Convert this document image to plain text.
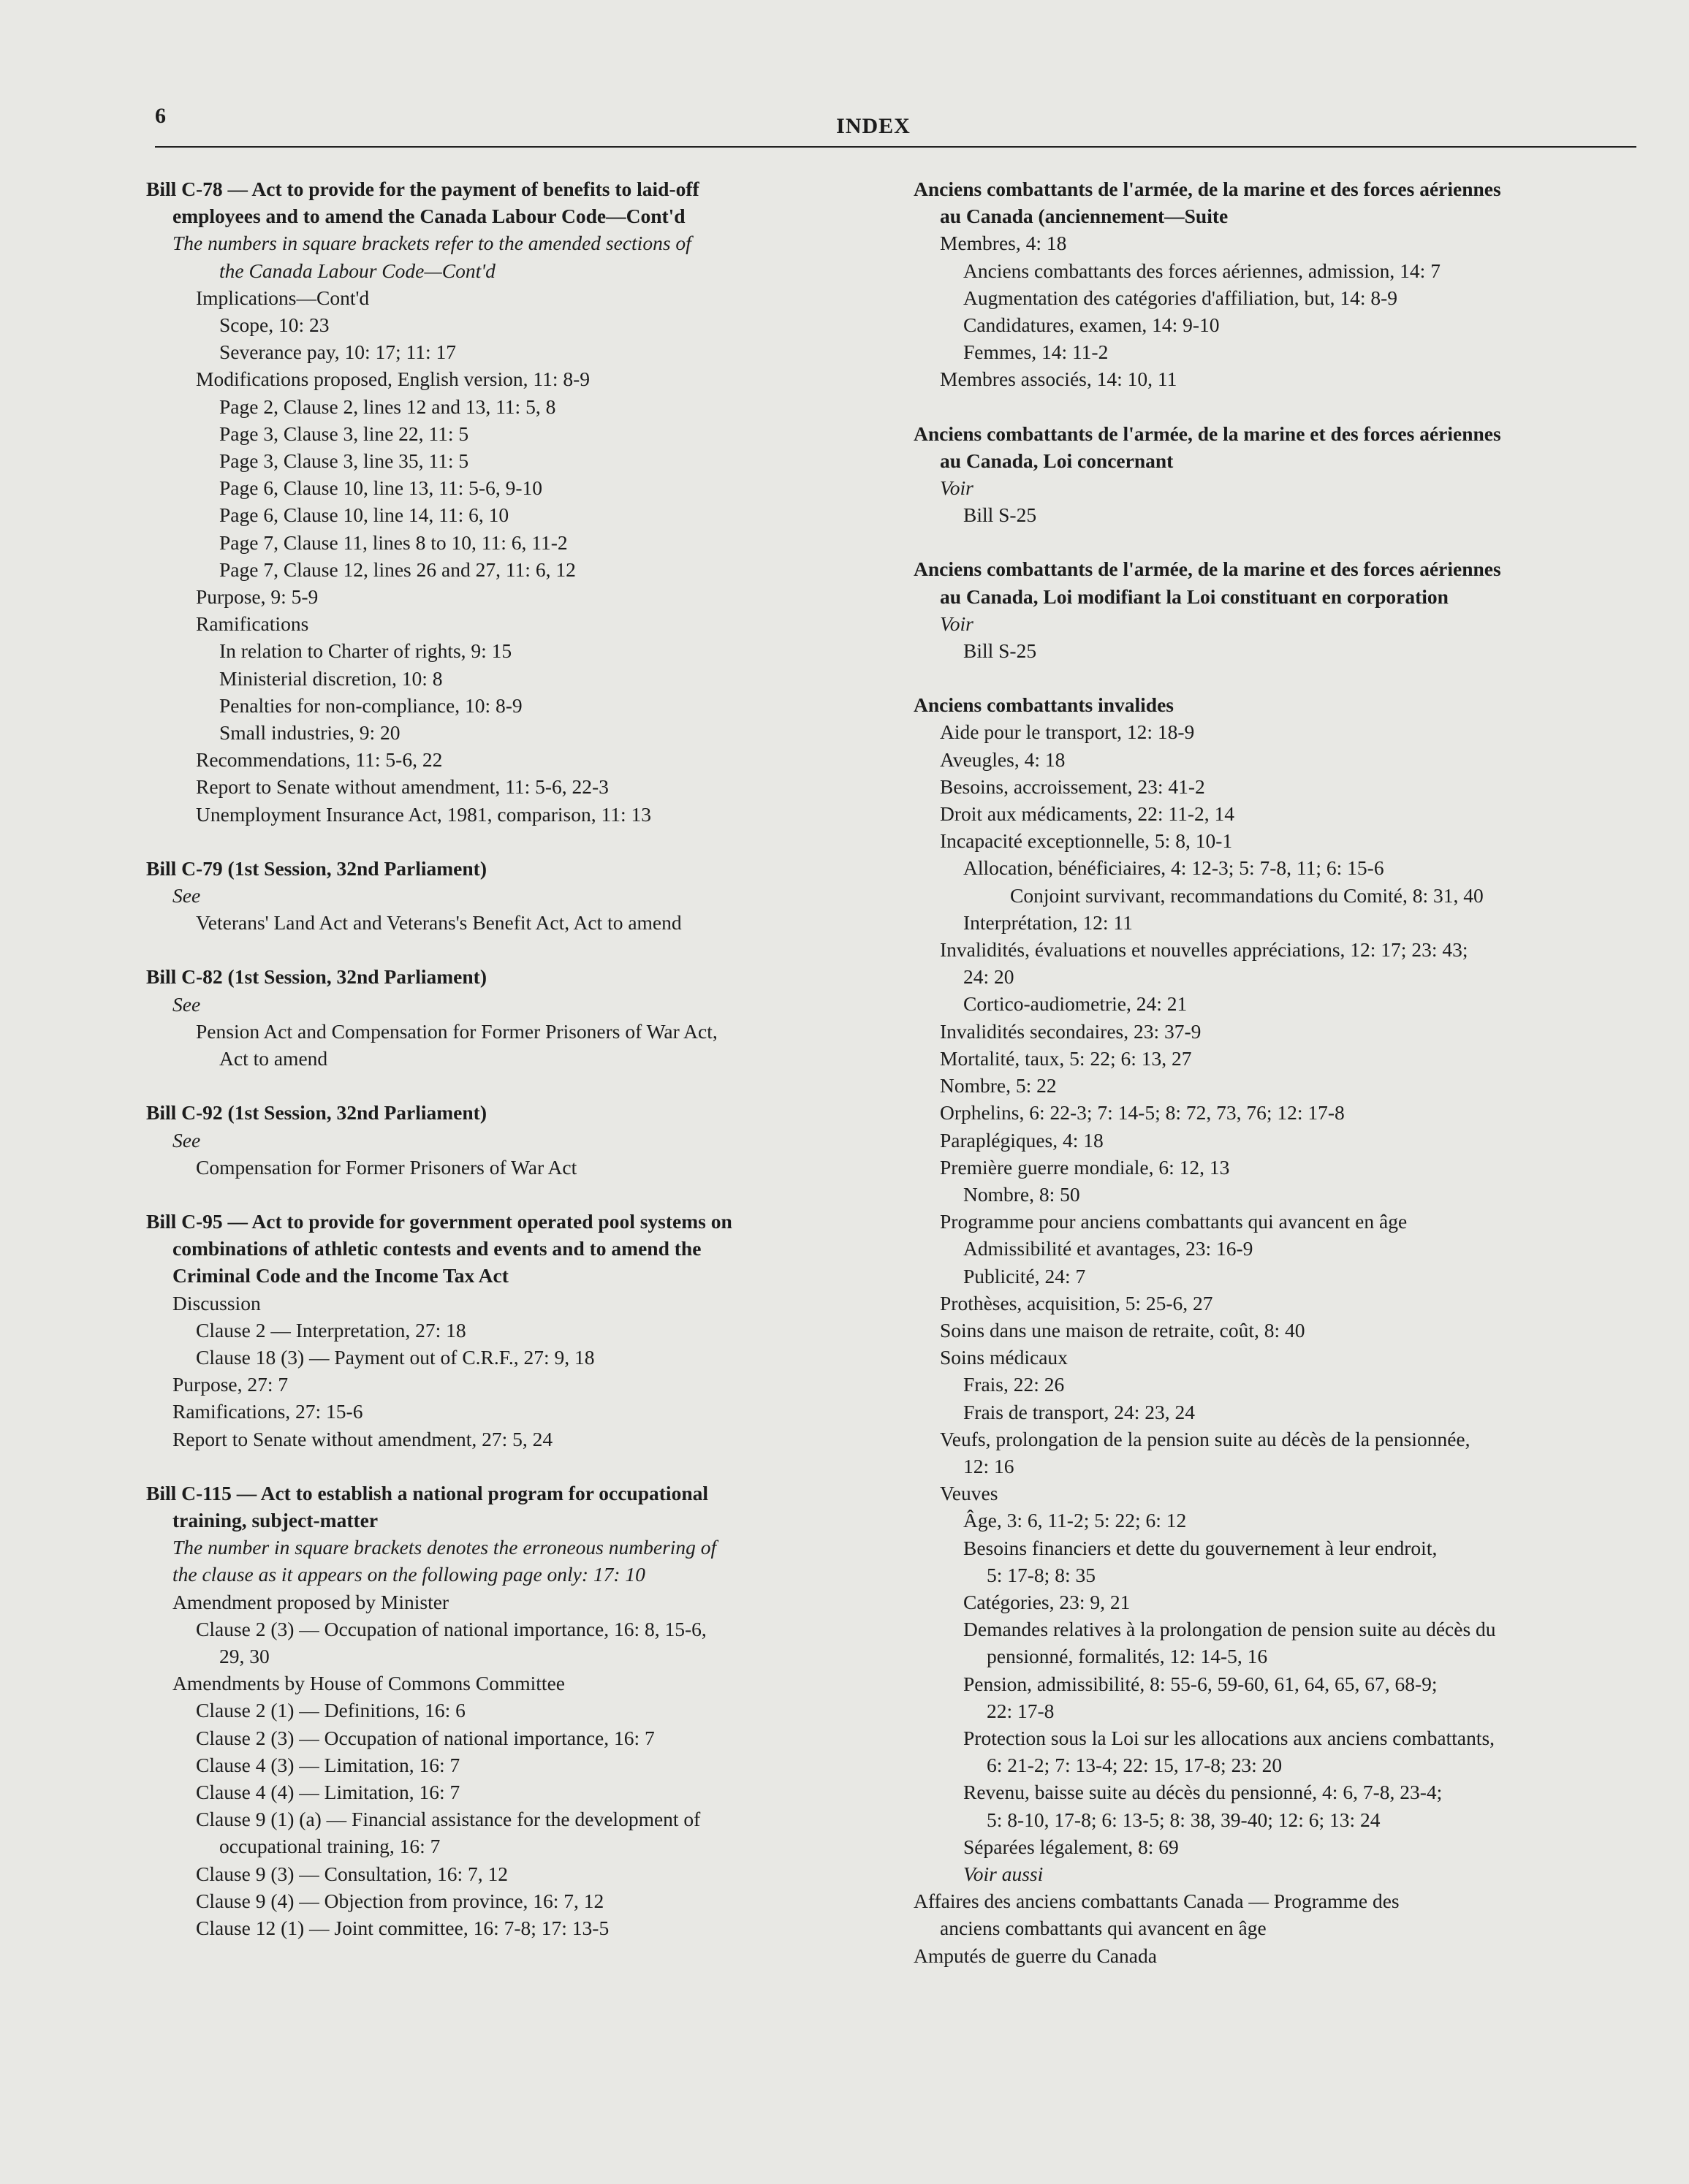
6	INDEX
Bill C-78 — Act to provide for the payment of benefits to laid-off
employees and to amend the Canada Labour Code—Cont'd
The numbers in square brackets refer to the amended sections of
the Canada Labour Code—Cont'd
Implications—Cont'd
Scope, 10: 23
Severance pay, 10: 17; 11: 17
Modifications proposed, English version, 11: 8-9
Page 2, Clause 2, lines 12 and 13, 11: 5, 8
Page 3, Clause 3, line 22, 11: 5
Page 3, Clause 3, line 35, 11: 5
Page 6, Clause 10, line 13, 11: 5-6, 9-10
Page 6, Clause 10, line 14, 11: 6, 10
Page 7, Clause 11, lines 8 to 10, 11: 6, 11-2
Page 7, Clause 12, lines 26 and 27, 11: 6, 12
Purpose, 9: 5-9
Ramifications
In relation to Charter of rights, 9: 15
Ministerial discretion, 10: 8
Penalties for non-compliance, 10: 8-9
Small industries, 9: 20
Recommendations, 11: 5-6, 22
Report to Senate without amendment, 11: 5-6, 22-3
Unemployment Insurance Act, 1981, comparison, 11: 13
Bill C-79 (1st Session, 32nd Parliament)
See
Veterans' Land Act and Veterans's Benefit Act, Act to amend
Bill C-82 (1st Session, 32nd Parliament)
See
Pension Act and Compensation for Former Prisoners of War Act,
Act to amend
Bill C-92 (1st Session, 32nd Parliament)
See
Compensation for Former Prisoners of War Act
Bill C-95 — Act to provide for government operated pool systems on
combinations of athletic contests and events and to amend the
Criminal Code and the Income Tax Act
Discussion
Clause 2 — Interpretation, 27: 18
Clause 18 (3) — Payment out of C.R.F., 27: 9, 18
Purpose, 27: 7
Ramifications, 27: 15-6
Report to Senate without amendment, 27: 5, 24
Bill C-115 — Act to establish a national program for occupational
training, subject-matter
The number in square brackets denotes the erroneous numbering of
the clause as it appears on the following page only: 17: 10
Amendment proposed by Minister
Clause 2 (3) — Occupation of national importance, 16: 8, 15-6,
29, 30
Amendments by House of Commons Committee
Clause 2 (1) — Definitions, 16: 6
Clause 2 (3) — Occupation of national importance, 16: 7
Clause 4 (3) — Limitation, 16: 7
Clause 4 (4) — Limitation, 16: 7
Clause 9 (1) (a) — Financial assistance for the development of
occupational training, 16: 7
Clause 9 (3) — Consultation, 16: 7, 12
Clause 9 (4) — Objection from province, 16: 7, 12
Clause 12 (1) — Joint committee, 16: 7-8; 17: 13-5
Anciens combattants de l'armée, de la marine et des forces aériennes
au Canada (anciennement—Suite
Membres, 4: 18
Anciens combattants des forces aériennes, admission, 14: 7
Augmentation des catégories d'affiliation, but, 14: 8-9
Candidatures, examen, 14: 9-10
Femmes, 14: 11-2
Membres associés, 14: 10, 11
Anciens combattants de l'armée, de la marine et des forces aériennes
au Canada, Loi concernant
Voir
Bill S-25
Anciens combattants de l'armée, de la marine et des forces aériennes
au Canada, Loi modifiant la Loi constituant en corporation
Voir
Bill S-25
Anciens combattants invalides
Aide pour le transport, 12: 18-9
Aveugles, 4: 18
Besoins, accroissement, 23: 41-2
Droit aux médicaments, 22: 11-2, 14
Incapacité exceptionnelle, 5: 8, 10-1
Allocation, bénéficiaires, 4: 12-3; 5: 7-8, 11; 6: 15-6
Conjoint survivant, recommandations du Comité, 8: 31, 40
Interprétation, 12: 11
Invalidités, évaluations et nouvelles appréciations, 12: 17; 23: 43;
24: 20
Cortico-audiometrie, 24: 21
Invalidités secondaires, 23: 37-9
Mortalité, taux, 5: 22; 6: 13, 27
Nombre, 5: 22
Orphelins, 6: 22-3; 7: 14-5; 8: 72, 73, 76; 12: 17-8
Paraplégiques, 4: 18
Première guerre mondiale, 6: 12, 13
Nombre, 8: 50
Programme pour anciens combattants qui avancent en âge
Admissibilité et avantages, 23: 16-9
Publicité, 24: 7
Prothèses, acquisition, 5: 25-6, 27
Soins dans une maison de retraite, coût, 8: 40
Soins médicaux
Frais, 22: 26
Frais de transport, 24: 23, 24
Veufs, prolongation de la pension suite au décès de la pensionnée,
12: 16
Veuves
Âge, 3: 6, 11-2; 5: 22; 6: 12
Besoins financiers et dette du gouvernement à leur endroit,
5: 17-8; 8: 35
Catégories, 23: 9, 21
Demandes relatives à la prolongation de pension suite au décès du
pensionné, formalités, 12: 14-5, 16
Pension, admissibilité, 8: 55-6, 59-60, 61, 64, 65, 67, 68-9;
22: 17-8
Protection sous la Loi sur les allocations aux anciens combattants,
6: 21-2; 7: 13-4; 22: 15, 17-8; 23: 20
Revenu, baisse suite au décès du pensionné, 4: 6, 7-8, 23-4;
5: 8-10, 17-8; 6: 13-5; 8: 38, 39-40; 12: 6; 13: 24
Séparées légalement, 8: 69
Voir aussi
Affaires des anciens combattants Canada — Programme des
anciens combattants qui avancent en âge
Amputés de guerre du Canada
